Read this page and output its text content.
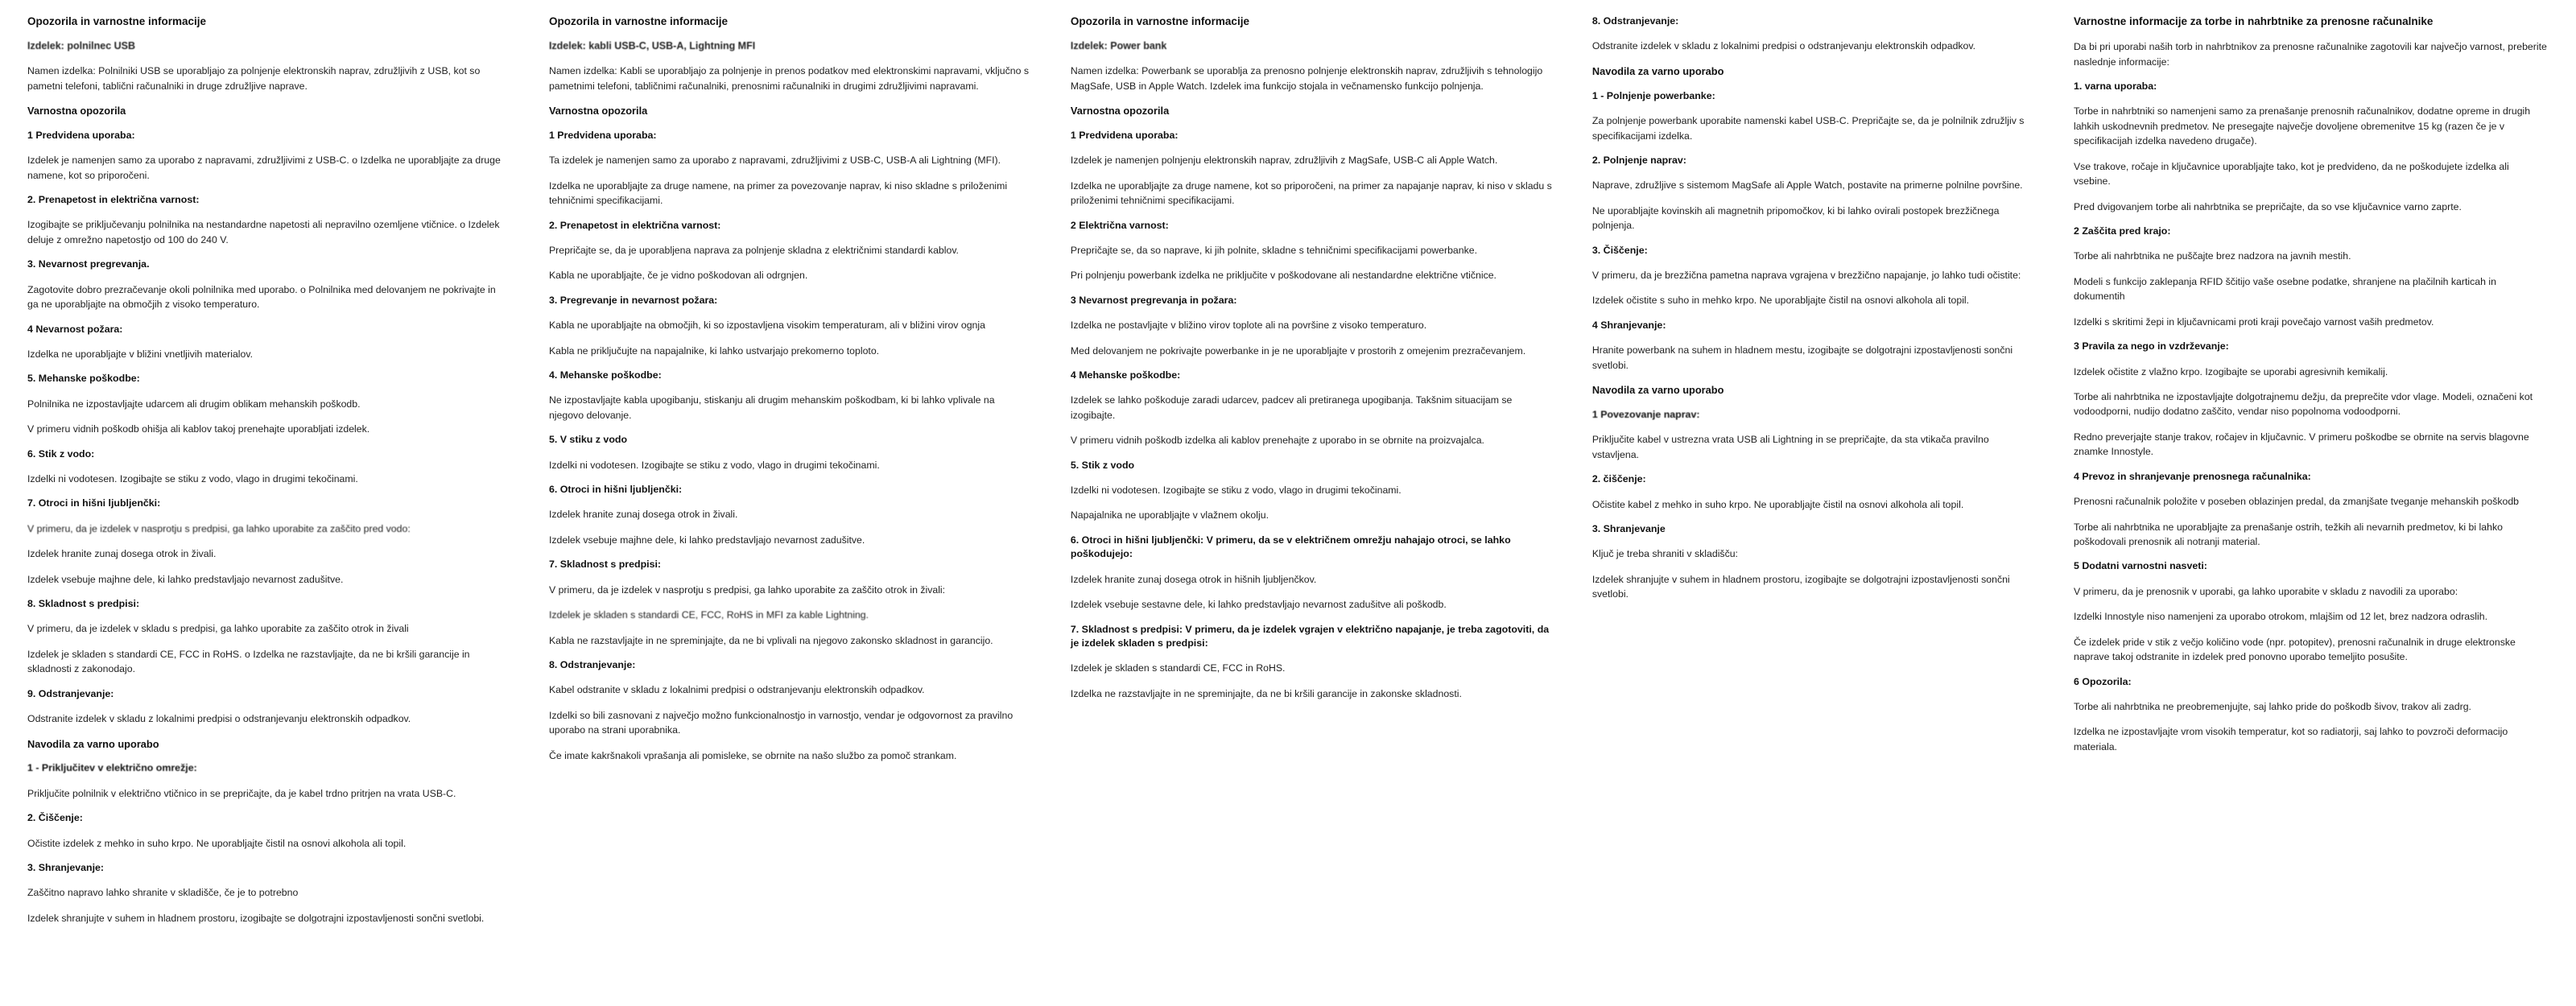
Opozorila in varnostne informacije
Izdelek: polnilnec USB

Namen izdelka: Polnilniki USB se uporabljajo za polnjenje elektronskih naprav, združljivih z USB, kot so pametni telefoni, tablični računalniki in druge združljive naprave.

Varnostna opozorila
1 Predvidena uporaba:

Izdelek je namenjen samo za uporabo z napravami, združljivimi z USB-C. o Izdelka ne uporabljajte za druge namene, kot so priporočeni.

2. Prenapetost in električna varnost:

Izogibajte se priključevanju polnilnika na nestandardne napetosti ali nepravilno ozemljene vtičnice. o Izdelek deluje z omrežno napetostjo od 100 do 240 V.

3. Nevarnost pregrevanja.

Zagotovite dobro prezračevanje okoli polnilnika med uporabo. o Polnilnika med delovanjem ne pokrivajte in ga ne uporabljajte na območjih z visoko temperaturo.

4 Nevarnost požara:

Izdelka ne uporabljajte v bližini vnetljivih materialov.

5. Mehanske poškodbe:

Polnilnika ne izpostavljajte udarcem ali drugim oblikam mehanskih poškodb.

V primeru vidnih poškodb ohišja ali kablov takoj prenehajte uporabljati izdelek.

6. Stik z vodo:

Izdelki ni vodotesen. Izogibajte se stiku z vodo, vlago in drugimi tekočinami.

7. Otroci in hišni ljubljenčki:

V primeru, da je izdelek v nasprotju s predpisi, ga lahko uporabite za zaščito pred vodo:

Izdelek hranite zunaj dosega otrok in živali.

Izdelek vsebuje majhne dele, ki lahko predstavljajo nevarnost zadušitve.

8. Skladnost s predpisi:

V primeru, da je izdelek v skladu s predpisi, ga lahko uporabite za zaščito otrok in živali

Izdelek je skladen s standardi CE, FCC in RoHS. o Izdelka ne razstavljajte, da ne bi kršili garancije in skladnosti z zakonodajo.

9. Odstranjevanje:

Odstranite izdelek v skladu z lokalnimi predpisi o odstranjevanju elektronskih odpadkov.

Navodila za varno uporabo
1 - Priključitev v električno omrežje:

Priključite polnilnik v električno vtičnico in se prepričajte, da je kabel trdno pritrjen na vrata USB-C.

2. Čiščenje:

Očistite izdelek z mehko in suho krpo. Ne uporabljajte čistil na osnovi alkohola ali topil.

3. Shranjevanje:

Zaščitno napravo lahko shranite v skladišče, če je to potrebno

Izdelek shranjujte v suhem in hladnem prostoru, izogibajte se dolgotrajni izpostavljenosti sončni svetlobi.

Opozorila in varnostne informacije
Izdelek: kabli USB-C, USB-A, Lightning MFI

Namen izdelka: Kabli se uporabljajo za polnjenje in prenos podatkov med elektronskimi napravami, vključno s pametnimi telefoni, tabličnimi računalniki, prenosnimi računalniki in drugimi združljivimi napravami.

Varnostna opozorila
1 Predvidena uporaba:

Ta izdelek je namenjen samo za uporabo z napravami, združljivimi z USB-C, USB-A ali Lightning (MFI).

Izdelka ne uporabljajte za druge namene, na primer za povezovanje naprav, ki niso skladne s priloženimi tehničnimi specifikacijami.

2. Prenapetost in električna varnost:

Prepričajte se, da je uporabljena naprava za polnjenje skladna z električnimi standardi kablov.

Kabla ne uporabljajte, če je vidno poškodovan ali odrgnjen.

3. Pregrevanje in nevarnost požara:

Kabla ne uporabljajte na območjih, ki so izpostavljena visokim temperaturam, ali v bližini virov ognja

Kabla ne priključujte na napajalnike, ki lahko ustvarjajo prekomerno toploto.

4. Mehanske poškodbe:

Ne izpostavljajte kabla upogibanju, stiskanju ali drugim mehanskim poškodbam, ki bi lahko vplivale na njegovo delovanje.

5. V stiku z vodo

Izdelki ni vodotesen. Izogibajte se stiku z vodo, vlago in drugimi tekočinami.

6. Otroci in hišni ljubljenčki:

Izdelek hranite zunaj dosega otrok in živali.

Izdelek vsebuje majhne dele, ki lahko predstavljajo nevarnost zadušitve.

7. Skladnost s predpisi:

V primeru, da je izdelek v nasprotju s predpisi, ga lahko uporabite za zaščito otrok in živali:

Izdelek je skladen s standardi CE, FCC, RoHS in MFI za kable Lightning.

Kabla ne razstavljajte in ne spreminjajte, da ne bi vplivali na njegovo zakonsko skladnost in garancijo.

8. Odstranjevanje:

Kabel odstranite v skladu z lokalnimi predpisi o odstranjevanju elektronskih odpadkov.

Izdelki so bili zasnovani z največjo možno funkcionalnostjo in varnostjo, vendar je odgovornost za pravilno uporabo na strani uporabnika.

Če imate kakršnakoli vprašanja ali pomisleke, se obrnite na našo službo za pomoč strankam.

Opozorila in varnostne informacije
Izdelek: Power bank

Namen izdelka: Powerbank se uporablja za prenosno polnjenje elektronskih naprav, združljivih s tehnologijo MagSafe, USB in Apple Watch. Izdelek ima funkcijo stojala in večnamensko funkcijo polnjenja.

Varnostna opozorila
1 Predvidena uporaba:

Izdelek je namenjen polnjenju elektronskih naprav, združljivih z MagSafe, USB-C ali Apple Watch.

Izdelka ne uporabljajte za druge namene, kot so priporočeni, na primer za napajanje naprav, ki niso v skladu s priloženimi tehničnimi specifikacijami.

2 Električna varnost:

Prepričajte se, da so naprave, ki jih polnite, skladne s tehničnimi specifikacijami powerbanke.

Pri polnjenju powerbank izdelka ne priključite v poškodovane ali nestandardne električne vtičnice.

3 Nevarnost pregrevanja in požara:

Izdelka ne postavljajte v bližino virov toplote ali na površine z visoko temperaturo.

Med delovanjem ne pokrivajte powerbanke in je ne uporabljajte v prostorih z omejenim prezračevanjem.

4 Mehanske poškodbe:

Izdelek se lahko poškoduje zaradi udarcev, padcev ali pretiranega upogibanja. Takšnim situacijam se izogibajte.

V primeru vidnih poškodb izdelka ali kablov prenehajte z uporabo in se obrnite na proizvajalca.

5. Stik z vodo

Izdelki ni vodotesen. Izogibajte se stiku z vodo, vlago in drugimi tekočinami.

Napajalnika ne uporabljajte v vlažnem okolju.

6. Otroci in hišni ljubljenčki: V primeru, da se v električnem omrežju nahajajo otroci, se lahko poškodujejo:

Izdelek hranite zunaj dosega otrok in hišnih ljubljenčkov.

Izdelek vsebuje sestavne dele, ki lahko predstavljajo nevarnost zadušitve ali poškodb.

7. Skladnost s predpisi: V primeru, da je izdelek vgrajen v električno napajanje, je treba zagotoviti, da je izdelek skladen s predpisi:

Izdelek je skladen s standardi CE, FCC in RoHS.

Izdelka ne razstavljajte in ne spreminjajte, da ne bi kršili garancije in zakonske skladnosti.

8. Odstranjevanje:

Odstranite izdelek v skladu z lokalnimi predpisi o odstranjevanju elektronskih odpadkov.

Navodila za varno uporabo
1 - Polnjenje powerbanke:

Za polnjenje powerbank uporabite namenski kabel USB-C. Prepričajte se, da je polnilnik združljiv s specifikacijami izdelka.

2. Polnjenje naprav:

Naprave, združljive s sistemom MagSafe ali Apple Watch, postavite na primerne polnilne površine.

Ne uporabljajte kovinskih ali magnetnih pripomočkov, ki bi lahko ovirali postopek brezžičnega polnjenja.

3. Čiščenje:

V primeru, da je brezžična pametna naprava vgrajena v brezžično napajanje, jo lahko tudi očistite:

Izdelek očistite s suho in mehko krpo. Ne uporabljajte čistil na osnovi alkohola ali topil.

4 Shranjevanje:

Hranite powerbank na suhem in hladnem mestu, izogibajte se dolgotrajni izpostavljenosti sončni svetlobi.

Navodila za varno uporabo
1 Povezovanje naprav:

Priključite kabel v ustrezna vrata USB ali Lightning in se prepričajte, da sta vtikača pravilno vstavljena.

2. čiščenje:

Očistite kabel z mehko in suho krpo. Ne uporabljajte čistil na osnovi alkohola ali topil.

3. Shranjevanje

Ključ je treba shraniti v skladišču:

Izdelek shranjujte v suhem in hladnem prostoru, izogibajte se dolgotrajni izpostavljenosti sončni svetlobi.

Varnostne informacije za torbe in nahrbtnike za prenosne računalnike

Da bi pri uporabi naših torb in nahrbtnikov za prenosne računalnike zagotovili kar največjo varnost, preberite naslednje informacije:

1. varna uporaba:

Torbe in nahrbtniki so namenjeni samo za prenašanje prenosnih računalnikov, dodatne opreme in drugih lahkih uskodnevnih predmetov. Ne presegajte največje dovoljene obremenitve 15 kg (razen če je v specifikacijah izdelka navedeno drugače).

Vse trakove, ročaje in ključavnice uporabljajte tako, kot je predvideno, da ne poškodujete izdelka ali vsebine.

Pred dvigovanjem torbe ali nahrbtnika se prepričajte, da so vse ključavnice varno zaprte.

2 Zaščita pred krajo:

Torbe ali nahrbtnika ne puščajte brez nadzora na javnih mestih.

Modeli s funkcijo zaklepanja RFID ščitijo vaše osebne podatke, shranjene na plačilnih karticah in dokumentih

Izdelki s skritimi žepi in ključavnicami proti kraji povečajo varnost vaših predmetov.

3 Pravila za nego in vzdrževanje:

Izdelek očistite z vlažno krpo. Izogibajte se uporabi agresivnih kemikalij.

Torbe ali nahrbtnika ne izpostavljajte dolgotrajnemu dežju, da preprečite vdor vlage. Modeli, označeni kot vodoodporni, nudijo dodatno zaščito, vendar niso popolnoma vodoodporni.

Redno preverjajte stanje trakov, ročajev in ključavnic. V primeru poškodbe se obrnite na servis blagovne znamke Innostyle.

4 Prevoz in shranjevanje prenosnega računalnika:

Prenosni računalnik položite v poseben oblazinjen predal, da zmanjšate tveganje mehanskih poškodb

Torbe ali nahrbtnika ne uporabljajte za prenašanje ostrih, težkih ali nevarnih predmetov, ki bi lahko poškodovali prenosnik ali notranji material.

5 Dodatni varnostni nasveti:

V primeru, da je prenosnik v uporabi, ga lahko uporabite v skladu z navodili za uporabo:

Izdelki Innostyle niso namenjeni za uporabo otrokom, mlajšim od 12 let, brez nadzora odraslih.

Če izdelek pride v stik z večjo količino vode (npr. potopitev), prenosni računalnik in druge elektronske naprave takoj odstranite in izdelek pred ponovno uporabo temeljito posušite.

6 Opozorila:

Torbe ali nahrbtnika ne preobremenjujte, saj lahko pride do poškodb šivov, trakov ali zadrg.

Izdelka ne izpostavljajte vrom visokih temperatur, kot so radiatorji, saj lahko to povzroči deformacijo materiala.
